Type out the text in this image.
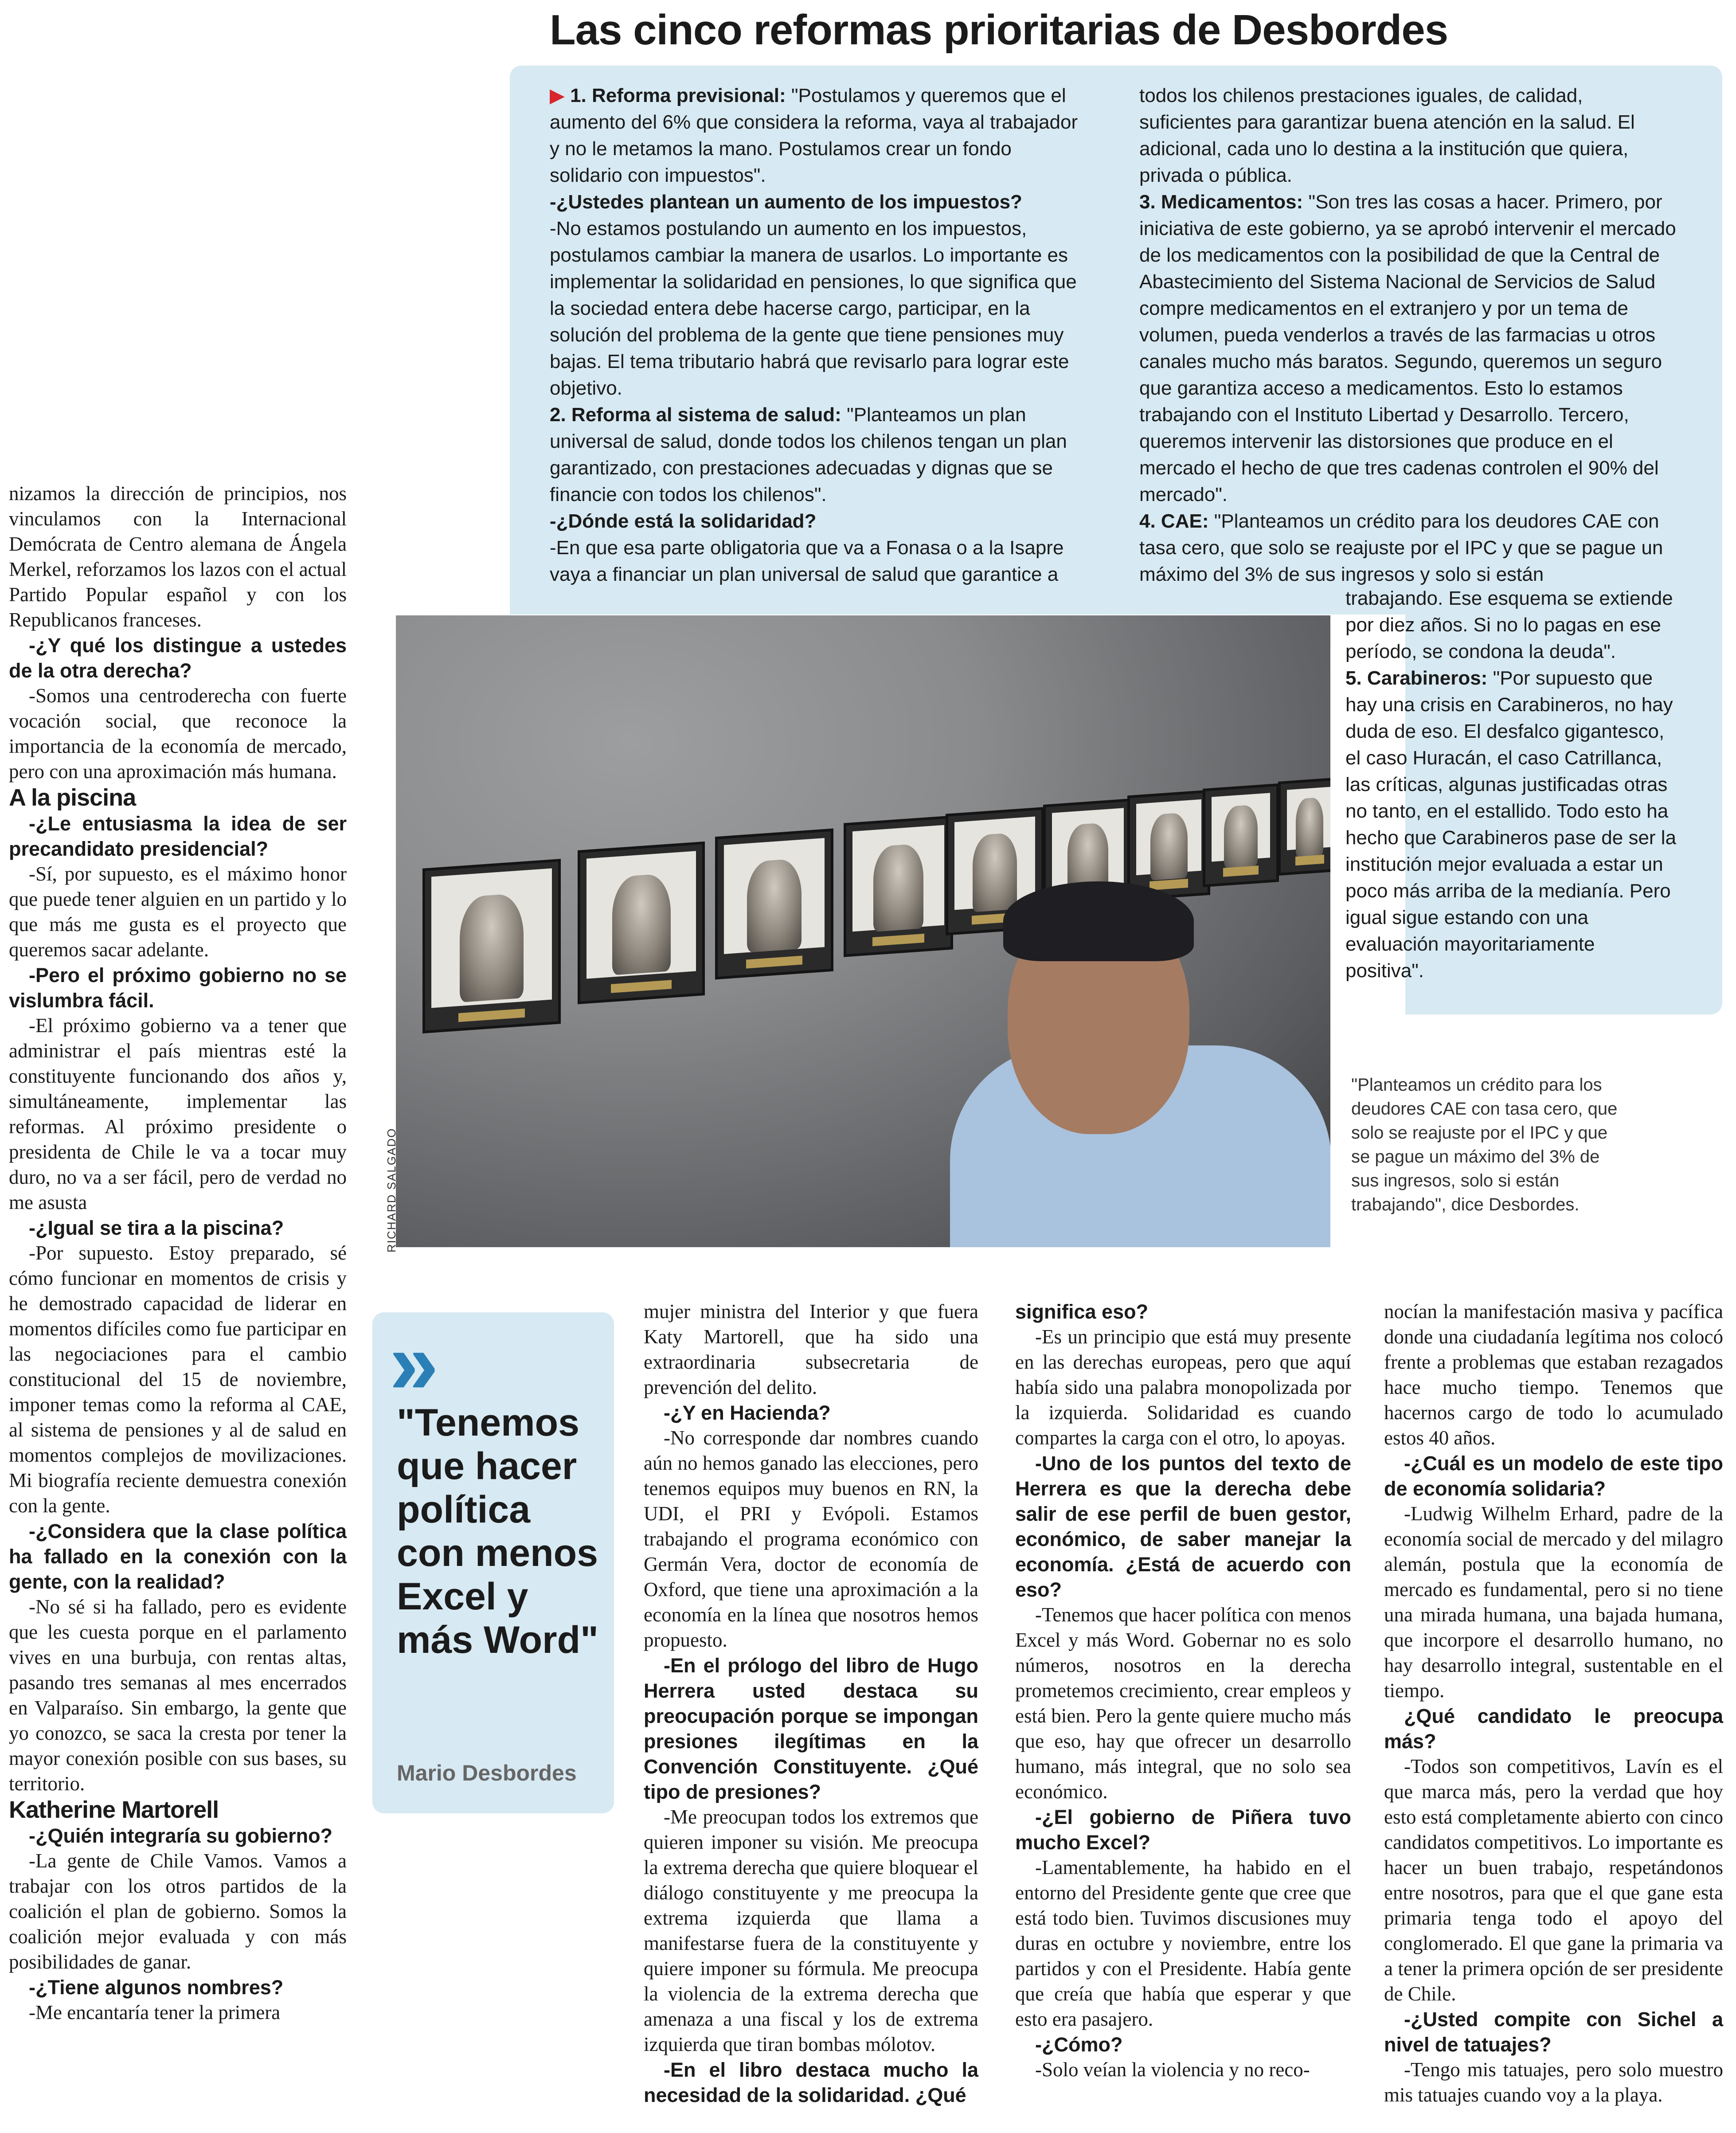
Las cinco reformas prioritarias de Desbordes

▶ 1. Reforma previsional: "Postulamos y queremos que el aumento del 6% que considera la reforma, vaya al trabajador y no le metamos la mano. Postulamos crear un fondo solidario con impuestos".

-¿Ustedes plantean un aumento de los impuestos?

-No estamos postulando un aumento en los impuestos, postulamos cambiar la manera de usarlos. Lo importante es implementar la solidaridad en pensiones, lo que significa que la sociedad entera debe hacerse cargo, participar, en la solución del problema de la gente que tiene pensiones muy bajas. El tema tributario habrá que revisarlo para lograr este objetivo.

2. Reforma al sistema de salud: "Planteamos un plan universal de salud, donde todos los chilenos tengan un plan garantizado, con prestaciones adecuadas y dignas que se financie con todos los chilenos".

-¿Dónde está la solidaridad?

-En que esa parte obligatoria que va a Fonasa o a la Isapre vaya a financiar un plan universal de salud que garantice a

todos los chilenos prestaciones iguales, de calidad, suficientes para garantizar buena atención en la salud. El adicional, cada uno lo destina a la institución que quiera, privada o pública.

3. Medicamentos: "Son tres las cosas a hacer. Primero, por iniciativa de este gobierno, ya se aprobó intervenir el mercado de los medicamentos con la posibilidad de que la Central de Abastecimiento del Sistema Nacional de Servicios de Salud compre medicamentos en el extranjero y por un tema de volumen, pueda venderlos a través de las farmacias u otros canales mucho más baratos. Segundo, queremos un seguro que garantiza acceso a medicamentos. Esto lo estamos trabajando con el Instituto Libertad y Desarrollo. Tercero, queremos intervenir las distorsiones que produce en el mercado el hecho de que tres cadenas controlen el 90% del mercado".

4. CAE: "Planteamos un crédito para los deudores CAE con tasa cero, que solo se reajuste por el IPC y que se pague un máximo del 3% de sus ingresos y solo si están

trabajando. Ese esquema se extiende por diez años. Si no lo pagas en ese período, se condona la deuda".

5. Carabineros: "Por supuesto que hay una crisis en Carabineros, no hay duda de eso. El desfalco gigantesco, el caso Huracán, el caso Catrillanca, las críticas, algunas justificadas otras no tanto, en el estallido. Todo esto ha hecho que Carabineros pase de ser la institución mejor evaluada a estar un poco más arriba de la medianía. Pero igual sigue estando con una evaluación mayoritariamente positiva".

RICHARD SALGADO
"Planteamos un crédito para los deudores CAE con tasa cero, que solo se reajuste por el IPC y que se pague un máximo del 3% de sus ingresos, solo si están trabajando", dice Desbordes.
»
"Tenemos que hacer política con menos Excel y más Word"
Mario Desbordes

nizamos la dirección de principios, nos vinculamos con la Internacional Demócrata de Centro alemana de Ángela Merkel, reforzamos los lazos con el actual Partido Popular español y con los Republicanos franceses.

-¿Y qué los distingue a ustedes de la otra derecha?

-Somos una centroderecha con fuerte vocación social, que reconoce la importancia de la economía de mercado, pero con una aproximación más humana.

A la piscina

-¿Le entusiasma la idea de ser precandidato presidencial?

-Sí, por supuesto, es el máximo honor que puede tener alguien en un partido y lo que más me gusta es el proyecto que queremos sacar adelante.

-Pero el próximo gobierno no se vislumbra fácil.

-El próximo gobierno va a tener que administrar el país mientras esté la constituyente funcionando dos años y, simultáneamente, implementar las reformas. Al próximo presidente o presidenta de Chile le va a tocar muy duro, no va a ser fácil, pero de verdad no me asusta

-¿Igual se tira a la piscina?

-Por supuesto. Estoy preparado, sé cómo funcionar en momentos de crisis y he demostrado capacidad de liderar en momentos difíciles como fue participar en las negociaciones para el cambio constitucional del 15 de noviembre, imponer temas como la reforma al CAE, al sistema de pensiones y al de salud en momentos complejos de movilizaciones. Mi biografía reciente demuestra conexión con la gente.

-¿Considera que la clase política ha fallado en la conexión con la gente, con la realidad?

-No sé si ha fallado, pero es evidente que les cuesta porque en el parlamento vives en una burbuja, con rentas altas, pasando tres semanas al mes encerrados en Valparaíso. Sin embargo, la gente que yo conozco, se saca la cresta por tener la mayor conexión posible con sus bases, su territorio.

Katherine Martorell

-¿Quién integraría su gobierno?

-La gente de Chile Vamos. Vamos a trabajar con los otros partidos de la coalición el plan de gobierno. Somos la coalición mejor evaluada y con más posibilidades de ganar.

-¿Tiene algunos nombres?

-Me encantaría tener la primera

mujer ministra del Interior y que fuera Katy Martorell, que ha sido una extraordinaria subsecretaria de prevención del delito.

-¿Y en Hacienda?

-No corresponde dar nombres cuando aún no hemos ganado las elecciones, pero tenemos equipos muy buenos en RN, la UDI, el PRI y Evópoli. Estamos trabajando el programa económico con Germán Vera, doctor de economía de Oxford, que tiene una aproximación a la economía en la línea que nosotros hemos propuesto.

-En el prólogo del libro de Hugo Herrera usted destaca su preocupación porque se impongan presiones ilegítimas en la Convención Constituyente. ¿Qué tipo de presiones?

-Me preocupan todos los extremos que quieren imponer su visión. Me preocupa la extrema derecha que quiere bloquear el diálogo constituyente y me preocupa la extrema izquierda que llama a manifestarse fuera de la constituyente y quiere imponer su fórmula. Me preocupa la violencia de la extrema derecha que amenaza a una fiscal y los de extrema izquierda que tiran bombas mólotov.

-En el libro destaca mucho la necesidad de la solidaridad. ¿Qué

significa eso?

-Es un principio que está muy presente en las derechas europeas, pero que aquí había sido una palabra monopolizada por la izquierda. Solidaridad es cuando compartes la carga con el otro, lo apoyas.

-Uno de los puntos del texto de Herrera es que la derecha debe salir de ese perfil de buen gestor, económico, de saber manejar la economía. ¿Está de acuerdo con eso?

-Tenemos que hacer política con menos Excel y más Word. Gobernar no es solo números, nosotros en la derecha prometemos crecimiento, crear empleos y está bien. Pero la gente quiere mucho más que eso, hay que ofrecer un desarrollo humano, más integral, que no solo sea económico.

-¿El gobierno de Piñera tuvo mucho Excel?

-Lamentablemente, ha habido en el entorno del Presidente gente que cree que está todo bien. Tuvimos discusiones muy duras en octubre y noviembre, entre los partidos y con el Presidente. Había gente que creía que había que esperar y que esto era pasajero.

-¿Cómo?

-Solo veían la violencia y no reco-

nocían la manifestación masiva y pacífica donde una ciudadanía legítima nos colocó frente a problemas que estaban rezagados hace mucho tiempo. Tenemos que hacernos cargo de todo lo acumulado estos 40 años.

-¿Cuál es un modelo de este tipo de economía solidaria?

-Ludwig Wilhelm Erhard, padre de la economía social de mercado y del milagro alemán, postula que la economía de mercado es fundamental, pero si no tiene una mirada humana, una bajada humana, que incorpore el desarrollo humano, no hay desarrollo integral, sustentable en el tiempo.

¿Qué candidato le preocupa más?

-Todos son competitivos, Lavín es el que marca más, pero la verdad que hoy esto está completamente abierto con cinco candidatos competitivos. Lo importante es hacer un buen trabajo, respetándonos entre nosotros, para que el que gane esta primaria tenga todo el apoyo del conglomerado. El que gane la primaria va a tener la primera opción de ser presidente de Chile.

-¿Usted compite con Sichel a nivel de tatuajes?

-Tengo mis tatuajes, pero solo muestro mis tatuajes cuando voy a la playa.
